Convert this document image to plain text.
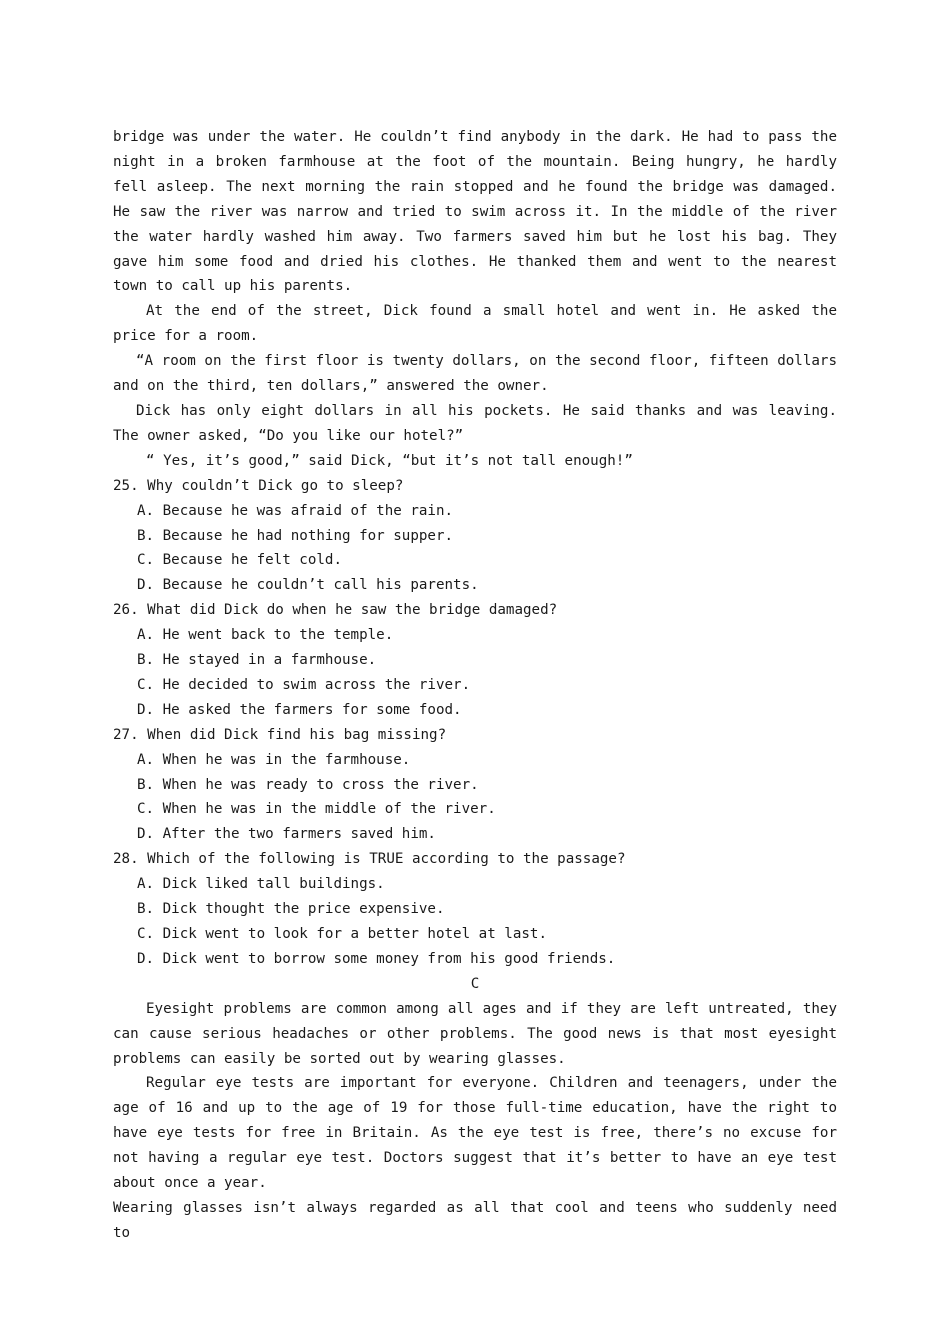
bridge was under the water. He couldn’t find anybody in the dark. He had to pass the night in a broken farmhouse at the foot of the mountain. Being hungry, he hardly fell asleep. The next morning the rain stopped and he found the bridge was damaged. He saw the river was narrow and tried to swim across it. In the middle of the river the water hardly washed him away. Two farmers saved him but he lost his bag. They gave him some food and dried his clothes. He thanked them and went to the nearest town to call up his parents.

At the end of the street, Dick found a small hotel and went in. He asked the price for a room.

“A room on the first floor is twenty dollars, on the second floor, fifteen dollars and on the third, ten dollars,” answered the owner.

Dick has only eight dollars in all his pockets. He said thanks and was leaving. The owner asked, “Do you like our hotel?”

“ Yes, it’s good,” said Dick, “but it’s not tall enough!”

25. Why couldn’t Dick go to sleep?

A. Because he was afraid of the rain.

B. Because he had nothing for supper.

C. Because he felt cold.

D. Because he couldn’t call his parents.

26. What did Dick do when he saw the bridge damaged?

A. He went back to the temple.

B. He stayed in a farmhouse.

C. He decided to swim across the river.

D. He asked the farmers for some food.

27. When did Dick find his bag missing?

A. When he was in the farmhouse.

B. When he was ready to cross the river.

C. When he was in the middle of the river.

D. After the two farmers saved him.

28. Which of the following is TRUE according to the passage?

A. Dick liked tall buildings.

B. Dick thought the price expensive.

C. Dick went to look for a better hotel at last.

D. Dick went to borrow some money from his good friends.

C

Eyesight problems are common among all ages and if they are left untreated, they can cause serious headaches or other problems. The good news is that most eyesight problems can easily be sorted out by wearing glasses.

Regular eye tests are important for everyone. Children and teenagers, under the age of 16 and up to the age of 19 for those full-time education, have the right to have eye tests for free in Britain. As the eye test is free, there’s no excuse for not having a regular eye test. Doctors suggest that it’s better to have an eye test about once a year.

Wearing glasses isn’t always regarded as all that cool and teens who suddenly need to
